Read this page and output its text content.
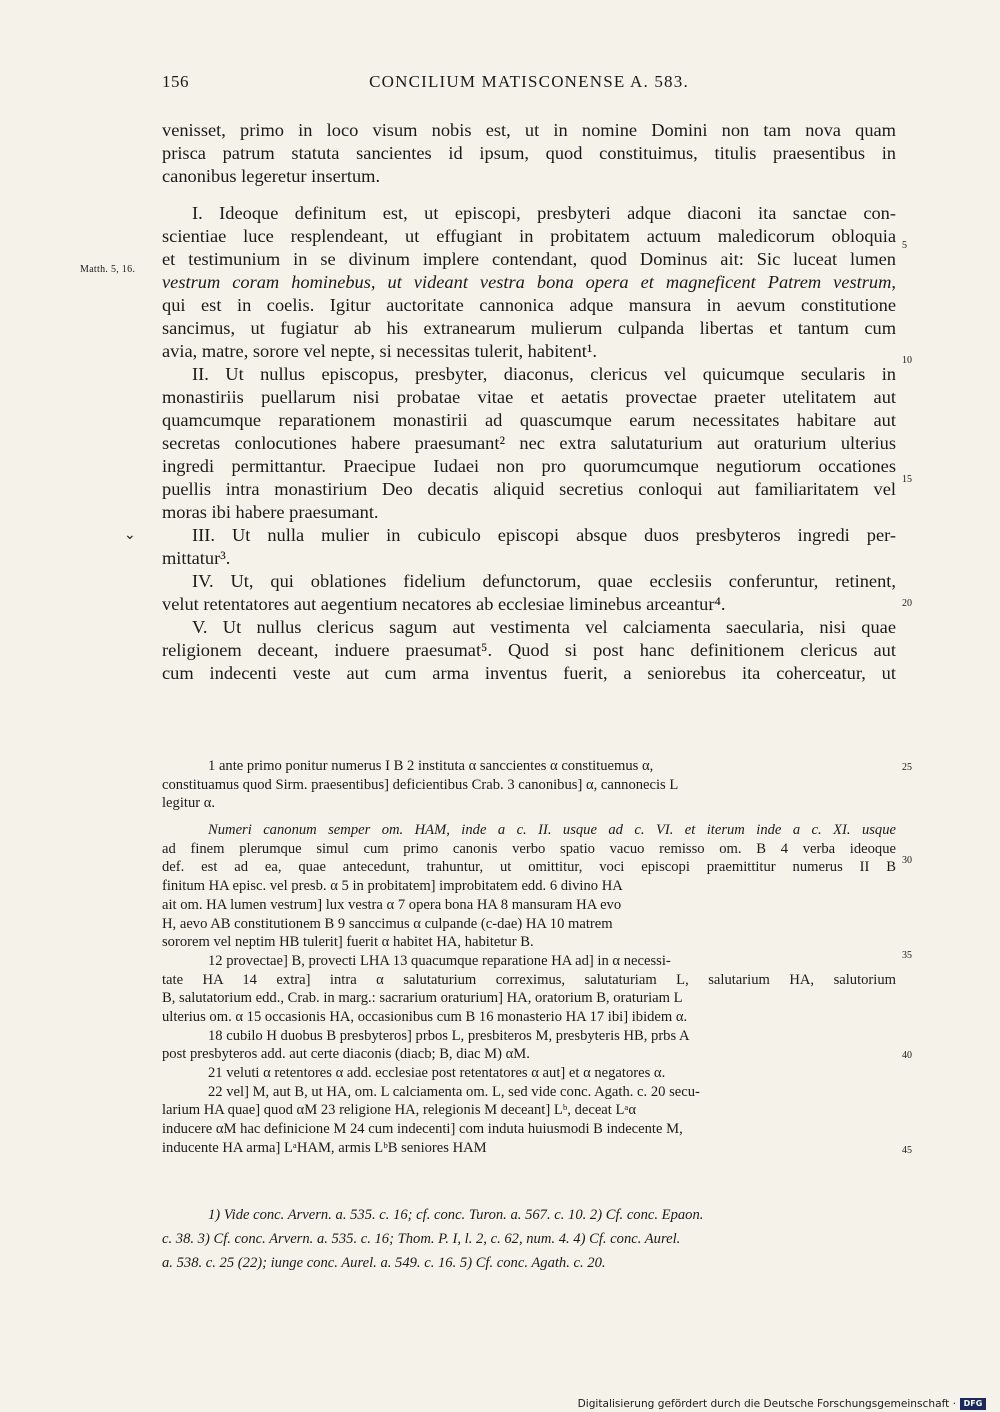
156	CONCILIUM MATISCONENSE A. 583.
venisset, primo in loco visum nobis est, ut in nomine Domini non tam nova quam
prisca patrum statuta sancientes id ipsum, quod constituimus, titulis praesentibus in
canonibus legeretur insertum.
I. Ideoque definitum est, ut episcopi, presbyteri adque diaconi ita sanctae con-
scientiae luce resplendeant, ut effugiant in probitatem actuum maledicorum obloquia
et testimunium in se divinum implere contendant, quod Dominus ait: Sic luceat lumen
vestrum coram hominebus, ut videant vestra bona opera et magneficent Patrem vestrum,
qui est in coelis. Igitur auctoritate cannonica adque mansura in aevum constitutione
sancimus, ut fugiatur ab his extranearum mulierum culpanda libertas et tantum cum
avia, matre, sorore vel nepte, si necessitas tulerit, habitent¹.
II. Ut nullus episcopus, presbyter, diaconus, clericus vel quicumque secularis in
monastiriis puellarum nisi probatae vitae et aetatis provectae praeter utelitatem aut
quamcumque reparationem monastirii ad quascumque earum necessitates habitare aut
secretas conlocutiones habere praesumant² nec extra salutaturium aut oraturium ulterius
ingredi permittantur. Praecipue Iudaei non pro quorumcumque negutiorum occationes
puellis intra monastirium Deo decatis aliquid secretius conloqui aut familiaritatem vel
moras ibi habere praesumant.
III. Ut nulla mulier in cubiculo episcopi absque duos presbyteros ingredi per-
mittatur³.
IV. Ut, qui oblationes fidelium defunctorum, quae ecclesiis conferuntur, retinent,
velut retentatores aut aegentium necatores ab ecclesiae liminebus arceantur⁴.
V. Ut nullus clericus sagum aut vestimenta vel calciamenta saecularia, nisi quae
religionem deceant, induere praesumat⁵. Quod si post hanc definitionem clericus aut
cum indecenti veste aut cum arma inventus fuerit, a seniorebus ita coherceatur, ut
Matth. 5, 16.
⌄
5
10
15
20
25
30
35
40
45
1 ante primo ponitur numerus I B 2 instituta α sanccientes α constituemus α,
constituamus quod Sirm. praesentibus] deficientibus Crab. 3 canonibus] α, cannonecis L
legitur α.
Numeri canonum semper om. HAM, inde a c. II. usque ad c. VI. et iterum inde a c. XI. usque
ad finem plerumque simul cum primo canonis verbo spatio vacuo remisso om. B 4 verba ideoque
def. est ad ea, quae antecedunt, trahuntur, ut omittitur, voci episcopi praemittitur numerus II B
finitum HA episc. vel presb. α 5 in probitatem] improbitatem edd. 6 divino HA
ait om. HA lumen vestrum] lux vestra α 7 opera bona HA 8 mansuram HA evo
H, aevo AB constitutionem B 9 sanccimus α culpande (c-dae) HA 10 matrem
sororem vel neptim HB tulerit] fuerit α habitet HA, habitetur B.
12 provectae] B, provecti LHA 13 quacumque reparatione HA ad] in α necessi-
tate HA 14 extra] intra α salutaturium correximus, salutaturiam L, salutarium HA, salutorium
B, salutatorium edd., Crab. in marg.: sacrarium oraturium] HA, oratorium B, oraturiam L
ulterius om. α 15 occasionis HA, occasionibus cum B 16 monasterio HA 17 ibi] ibidem α.
18 cubilo H duobus B presbyteros] prbos L, presbiteros M, presbyteris HB, prbs A
post presbyteros add. aut certe diaconis (diacb; B, diac M) αM.
21 veluti α retentores α add. ecclesiae post retentatores α aut] et α negatores α.
22 vel] M, aut B, ut HA, om. L calciamenta om. L, sed vide conc. Agath. c. 20 secu-
larium HA quae] quod αM 23 religione HA, relegionis M deceant] Lᵇ, deceat Lᵃα
inducere αM hac definicione M 24 cum indecenti] com induta huiusmodi B indecente M,
inducente HA arma] LᵃHAM, armis LᵇB seniores HAM
1) Vide conc. Arvern. a. 535. c. 16; cf. conc. Turon. a. 567. c. 10. 2) Cf. conc. Epaon.
c. 38. 3) Cf. conc. Arvern. a. 535. c. 16; Thom. P. I, l. 2, c. 62, num. 4. 4) Cf. conc. Aurel.
a. 538. c. 25 (22); iunge conc. Aurel. a. 549. c. 16. 5) Cf. conc. Agath. c. 20.
Digitalisierung gefördert durch die Deutsche Forschungsgemeinschaft · DFG
